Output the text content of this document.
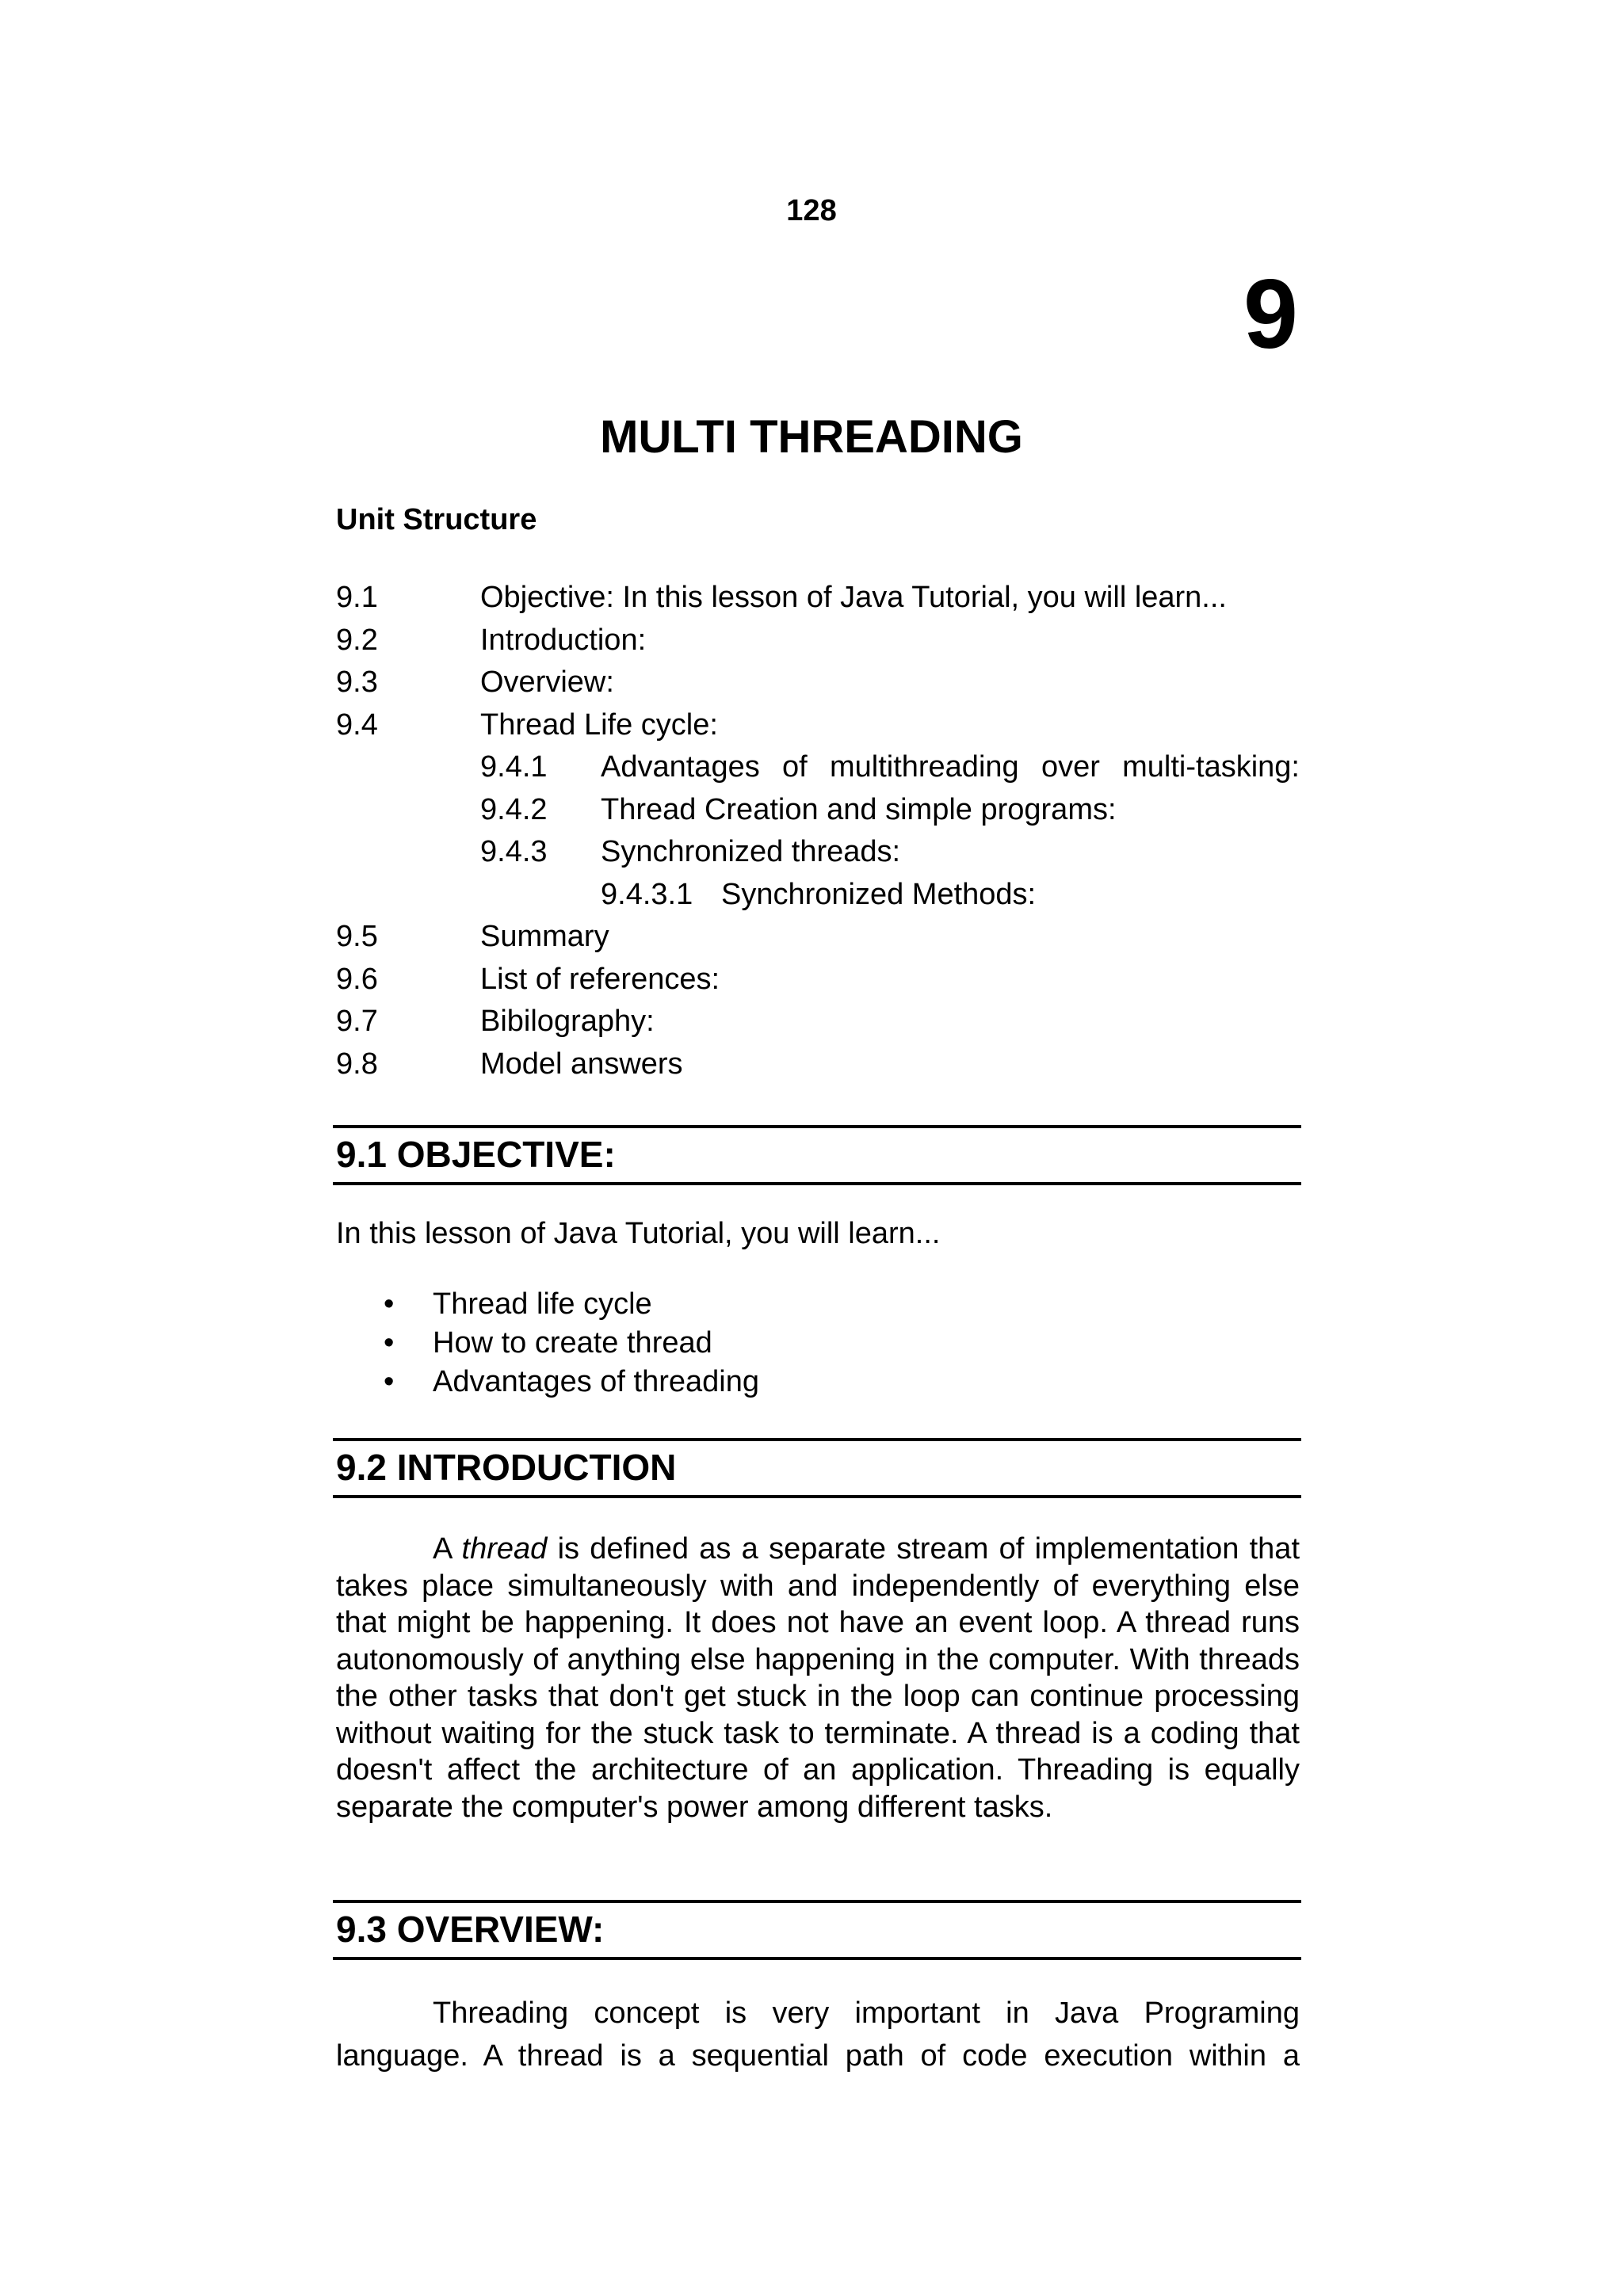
128
9
MULTI THREADING
Unit Structure
9.1	Objective: In this lesson of Java Tutorial, you will learn...
9.2	Introduction:
9.3	Overview:
9.4	Thread Life cycle:
9.4.1 Advantages of multithreading over multi-tasking:
9.4.2 Thread Creation and simple programs:
9.4.3 Synchronized threads:
9.4.3.1 Synchronized Methods:
9.5	Summary
9.6	List of references:
9.7	Bibilography:
9.8	Model answers
9.1 OBJECTIVE:
In this lesson of Java Tutorial, you will learn...
• Thread life cycle
• How to create thread
• Advantages of threading
9.2 INTRODUCTION

A thread is defined as a separate stream of implementation that takes place simultaneously with and independently of everything else that might be happening. It does not have an event loop. A thread runs autonomously of anything else happening in the computer. With threads the other tasks that don't get stuck in the loop can continue processing without waiting for the stuck task to terminate. A thread is a coding that doesn't affect the architecture of an application. Threading is equally separate the computer's power among different tasks.

9.3 OVERVIEW:

Threading concept is very important in Java Programing language. A thread is a sequential path of code execution within a
